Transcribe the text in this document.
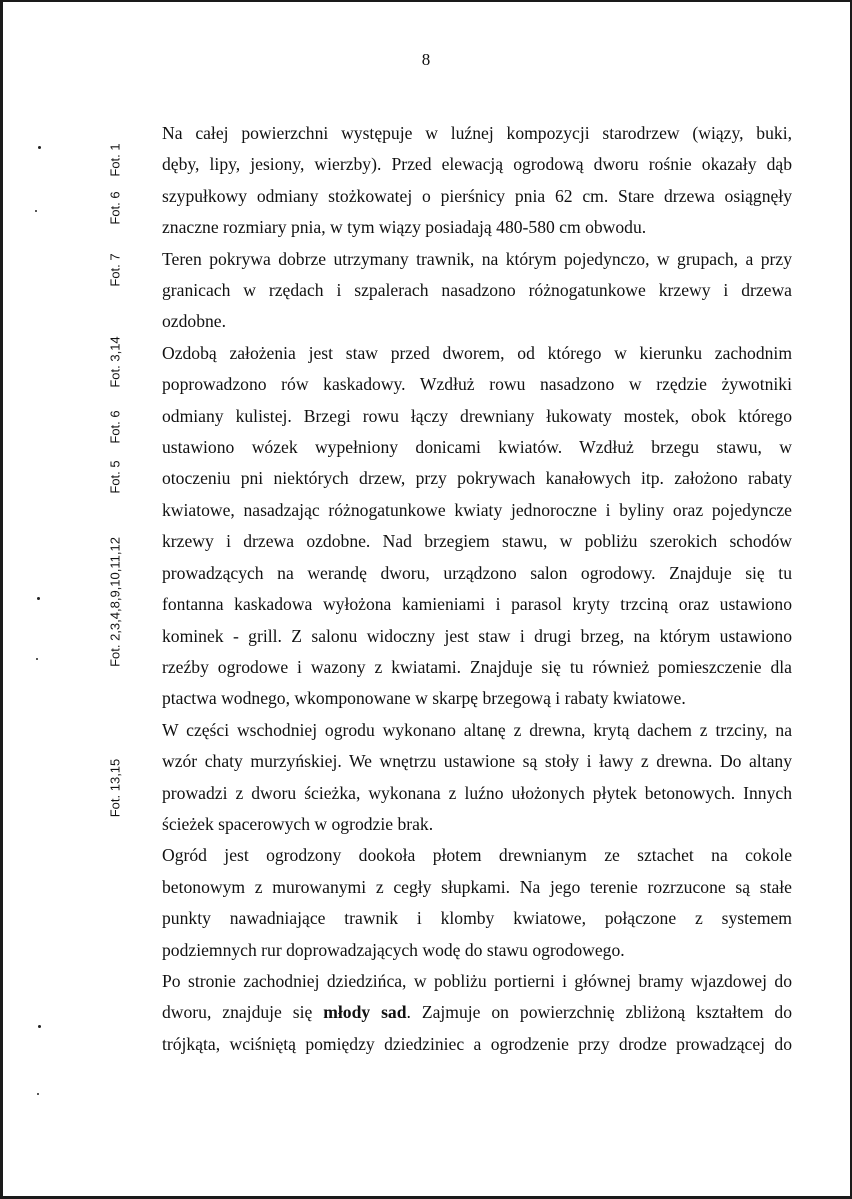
8
Fot. 1
Fot. 6
Fot. 7
Fot. 3,14
Fot. 6
Fot. 5
Fot. 2,3,4,8,9,10,11,12
Fot. 13,15

Na całej powierzchni występuje w luźnej kompozycji starodrzew (wiązy, buki,
dęby, lipy, jesiony, wierzby). Przed elewacją ogrodową dworu rośnie okazały dąb
szypułkowy odmiany stożkowatej o pierśnicy pnia 62 cm. Stare drzewa osiągnęły
znaczne rozmiary pnia, w tym wiązy posiadają 480-580 cm obwodu.

Teren pokrywa dobrze utrzymany trawnik, na którym pojedynczo, w grupach, a przy
granicach w rzędach i szpalerach nasadzono różnogatunkowe krzewy i drzewa
ozdobne.

Ozdobą założenia jest staw przed dworem, od którego w kierunku zachodnim
poprowadzono rów kaskadowy. Wzdłuż rowu nasadzono w rzędzie żywotniki
odmiany kulistej. Brzegi rowu łączy drewniany łukowaty mostek, obok którego
ustawiono wózek wypełniony donicami kwiatów. Wzdłuż brzegu stawu, w
otoczeniu pni niektórych drzew, przy pokrywach kanałowych itp. założono rabaty
kwiatowe, nasadzając różnogatunkowe kwiaty jednoroczne i byliny oraz pojedyncze
krzewy i drzewa ozdobne. Nad brzegiem stawu, w pobliżu szerokich schodów
prowadzących na werandę dworu, urządzono salon ogrodowy. Znajduje się tu
fontanna kaskadowa wyłożona kamieniami i parasol kryty trzciną oraz ustawiono
kominek - grill. Z salonu widoczny jest staw i drugi brzeg, na którym ustawiono
rzeźby ogrodowe i wazony z kwiatami. Znajduje się tu również pomieszczenie dla
ptactwa wodnego, wkomponowane w skarpę brzegową i rabaty kwiatowe.

W części wschodniej ogrodu wykonano altanę z drewna, krytą dachem z trzciny, na
wzór chaty murzyńskiej. We wnętrzu ustawione są stoły i ławy z drewna. Do altany
prowadzi z dworu ścieżka, wykonana z luźno ułożonych płytek betonowych. Innych
ścieżek spacerowych w ogrodzie brak.

Ogród jest ogrodzony dookoła płotem drewnianym ze sztachet na cokole
betonowym z murowanymi z cegły słupkami. Na jego terenie rozrzucone są stałe
punkty nawadniające trawnik i klomby kwiatowe, połączone z systemem
podziemnych rur doprowadzających wodę do stawu ogrodowego.

Po stronie zachodniej dziedzińca, w pobliżu portierni i głównej bramy wjazdowej do
dworu, znajduje się młody sad. Zajmuje on powierzchnię zbliżoną kształtem do
trójkąta, wciśniętą pomiędzy dziedziniec a ogrodzenie przy drodze prowadzącej do
